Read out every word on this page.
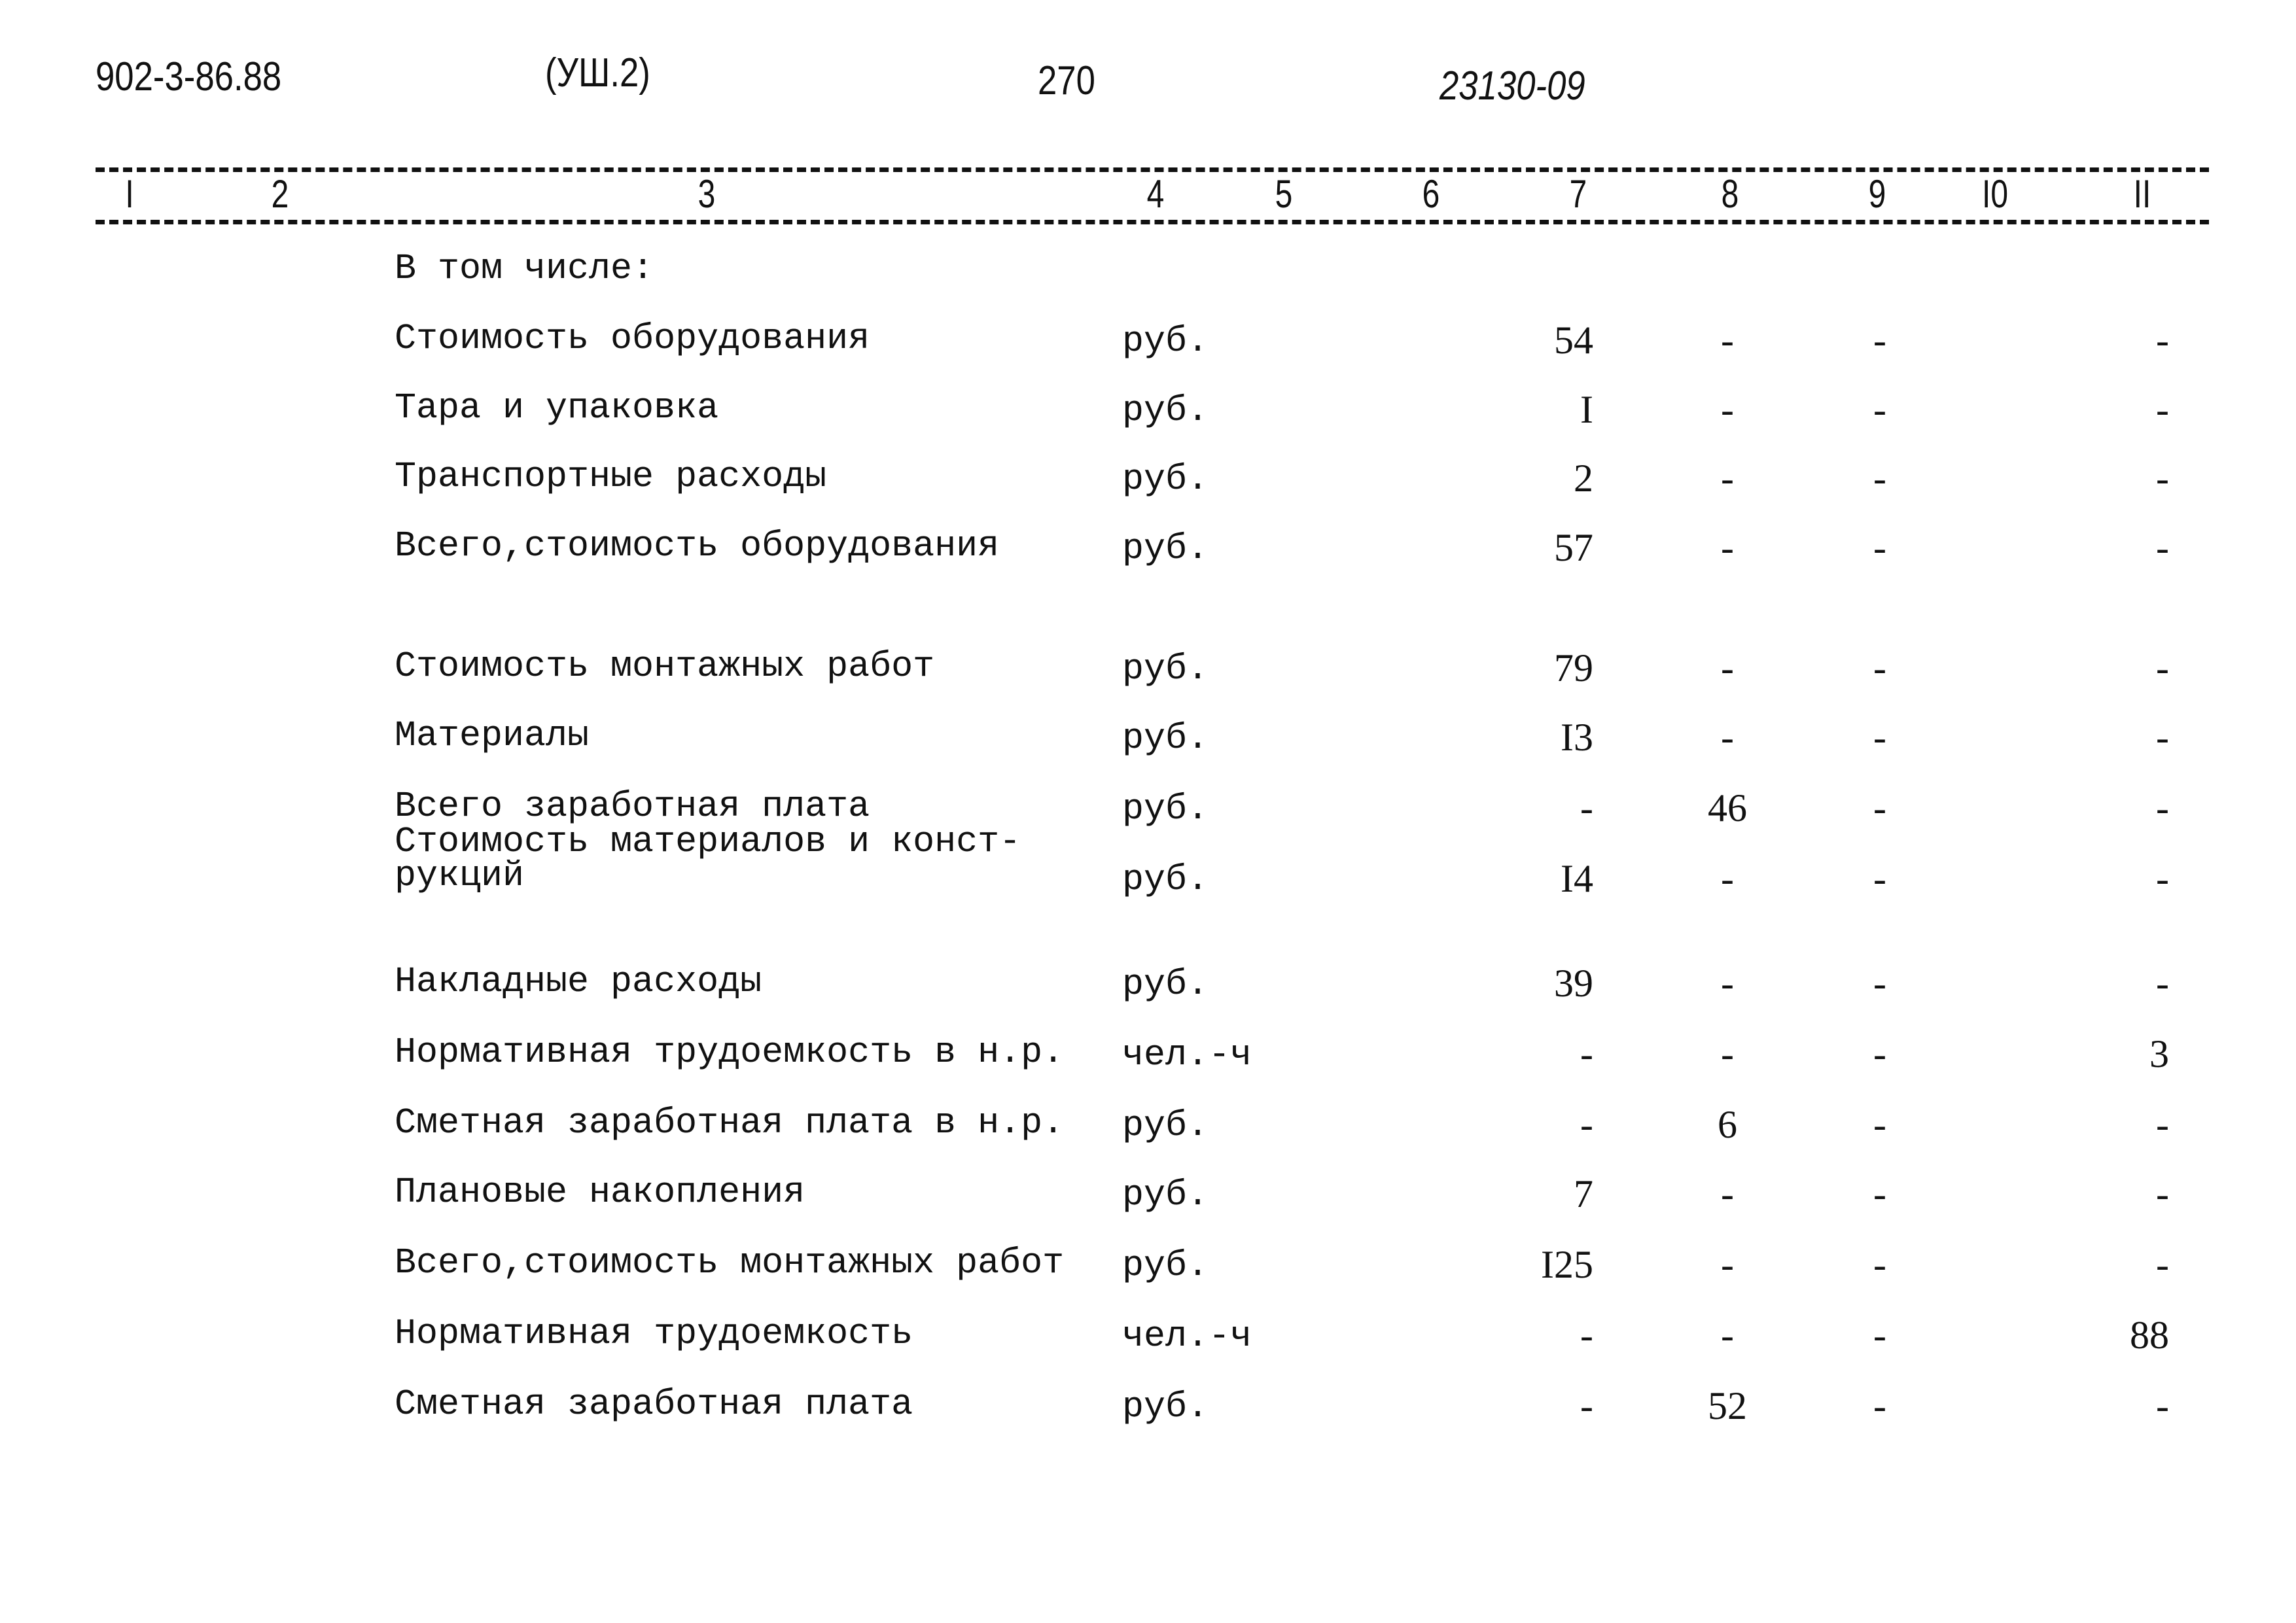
902-3-86.88	(УШ.2)	270	23130-09
I	2	3	4	5	6	7	8	9 I0	II
В том числе:
Стоимость оборудования	руб.	54	-	-	-
Тара и упаковка	руб.	I	-	-	-
Транспортные расходы	руб.	2	-	-	-
Всего,стоимость оборудования	руб.	57	-	-	-
Стоимость монтажных работ	руб.	79	-	-	-
Материалы	руб.	I3	-	-	-
Всего заработная плата	руб.	-	46	-	-
Стоимость материалов и конст-
рукций	руб.	I4	-	-	-
Накладные расходы	руб.	39	-	-	-
Нормативная трудоемкость в н.р. чел.-ч	-	-	-	3
Сметная заработная плата в н.р. руб.	-	6	-	-
Плановые накопления	руб.	7	-	-	-
Всего,стоимость монтажных работ руб.	I25	-	-	-
Нормативная трудоемкость	чел.-ч	-	-	-	88
Сметная заработная плата	руб.	-	52	-	-
